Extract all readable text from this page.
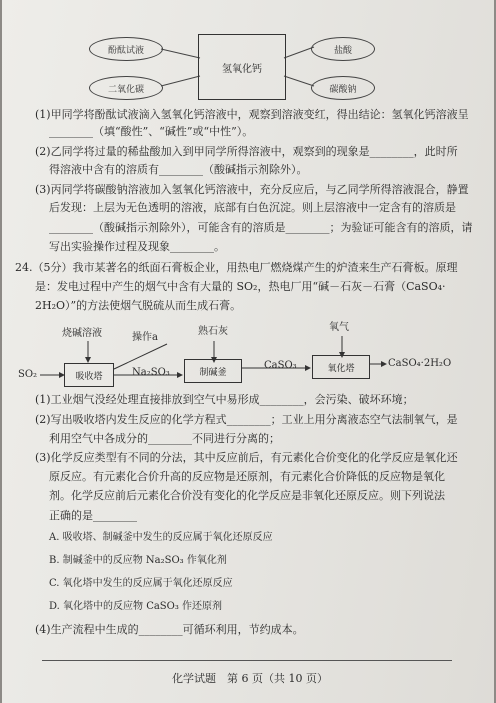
氢氧化钙
酚酞试液
二氧化碳
盐酸
碳酸钠
(1)甲同学将酚酞试液滴入氢氧化钙溶液中，观察到溶液变红，得出结论：氢氧化钙溶液呈
________（填“酸性”、“碱性”或“中性”）。
(2)乙同学将过量的稀盐酸加入到甲同学所得溶液中，观察到的现象是________，此时所
得溶液中含有的溶质有________（酸碱指示剂除外）。
(3)丙同学将碳酸钠溶液加入氢氧化钙溶液中，充分反应后，与乙同学所得溶液混合，静置
后发现：上层为无色透明的溶液，底部有白色沉淀。则上层溶液中一定含有的溶质是
________（酸碱指示剂除外），可能含有的溶质是________；为验证可能含有的溶质，请
写出实验操作过程及现象________。
24.（5分）我市某著名的纸面石膏板企业，用热电厂燃烧煤产生的炉渣来生产石膏板。原理
是：发电过程中产生的烟气中含有大量的 SO₂，热电厂用“碱－石灰－石膏（CaSO₄·
2H₂O）”的方法使烟气脱硫从而生成石膏。
SO₂
烧碱溶液
吸收塔
操作a
Na₂SO₃
熟石灰
制碱釜
CaSO₃
氧气
氧化塔	CaSO₄·2H₂O
(1)工业烟气没经处理直接排放到空气中易形成________，会污染、破坏环境；
(2)写出吸收塔内发生反应的化学方程式________；工业上用分离液态空气法制氧气，是
利用空气中各成分的________不同进行分离的；
(3)化学反应类型有不同的分法，其中反应前后，有元素化合价变化的化学反应是氧化还
原反应。有元素化合价升高的反应物是还原剂，有元素化合价降低的反应物是氧化
剂。化学反应前后元素化合价没有变化的化学反应是非氧化还原反应。则下列说法
正确的是________
A. 吸收塔、制碱釜中发生的反应属于氧化还原反应
B. 制碱釜中的反应物 Na₂SO₃ 作氧化剂
C. 氧化塔中发生的反应属于氧化还原反应
D. 氧化塔中的反应物 CaSO₃ 作还原剂
(4)生产流程中生成的________可循环利用，节约成本。
化学试题　第 6 页（共 10 页）
